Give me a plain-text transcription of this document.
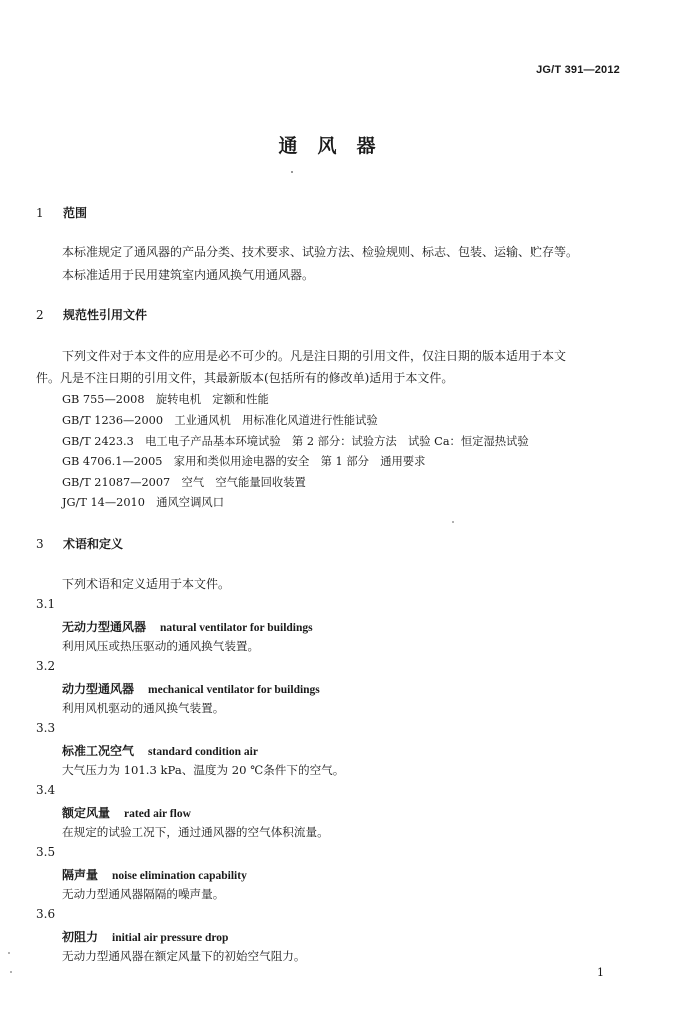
JG/T 391—2012
通风器
1 范围
本标准规定了通风器的产品分类、技术要求、试验方法、检验规则、标志、包装、运输、贮存等。
本标准适用于民用建筑室内通风换气用通风器。
2 规范性引用文件
下列文件对于本文件的应用是必不可少的。凡是注日期的引用文件，仅注日期的版本适用于本文
件。凡是不注日期的引用文件，其最新版本(包括所有的修改单)适用于本文件。
GB 755—2008　旋转电机　定额和性能
GB/T 1236—2000　工业通风机　用标准化风道进行性能试验
GB/T 2423.3　电工电子产品基本环境试验　第 2 部分：试验方法　试验 Ca：恒定湿热试验
GB 4706.1—2005　家用和类似用途电器的安全　第 1 部分　通用要求
GB/T 21087—2007　空气　空气能量回收装置
JG/T 14—2010　通风空调风口
3 术语和定义
下列术语和定义适用于本文件。
3.1
无动力型通风器 natural ventilator for buildings
利用风压或热压驱动的通风换气装置。
3.2
动力型通风器 mechanical ventilator for buildings
利用风机驱动的通风换气装置。
3.3
标准工况空气 standard condition air
大气压力为 101.3 kPa、温度为 20 ℃条件下的空气。
3.4
额定风量 rated air flow
在规定的试验工况下，通过通风器的空气体积流量。
3.5
隔声量 noise elimination capability
无动力型通风器隔隔的噪声量。
3.6
初阻力 initial air pressure drop
无动力型通风器在额定风量下的初始空气阻力。
1
